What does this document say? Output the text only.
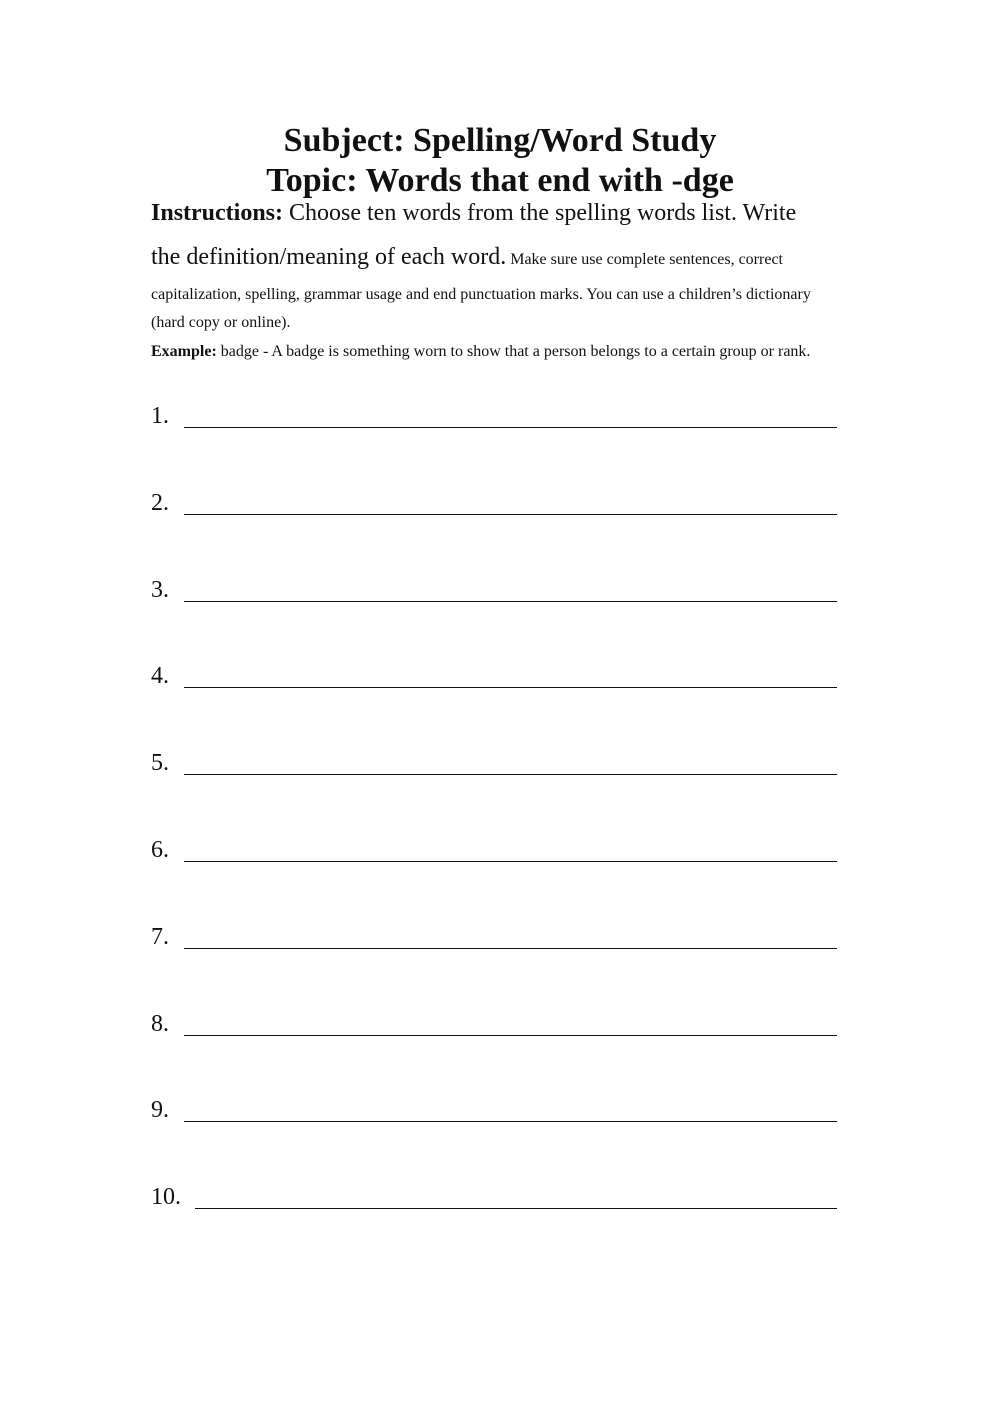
Subject: Spelling/Word Study
Topic: Words that end with -dge
Instructions: Choose ten words from the spelling words list. Write
the definition/meaning of each word. Make sure use complete sentences, correct
capitalization, spelling, grammar usage and end punctuation marks. You can use a children’s dictionary
(hard copy or online).
Example: badge - A badge is something worn to show that a person belongs to a certain group or rank.
1.
2.
3.
4.
5.
6.
7.
8.
9.
10.
